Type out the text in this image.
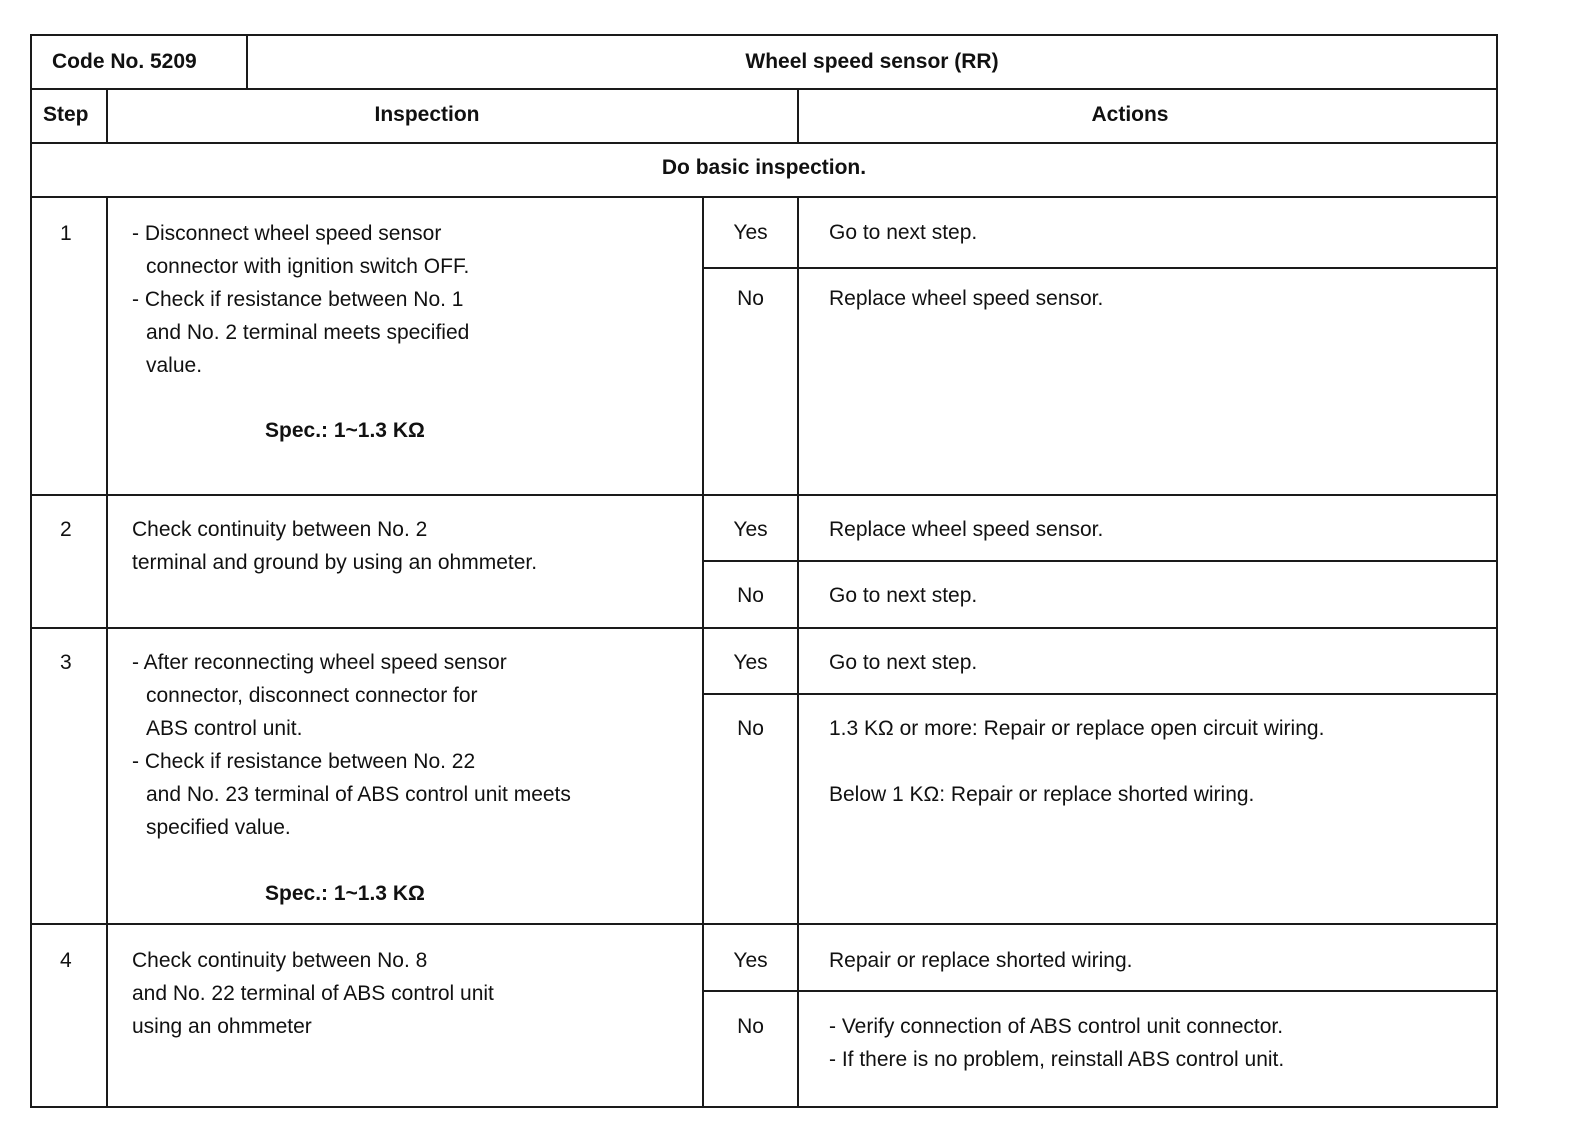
Code No. 5209	Wheel speed sensor (RR)
Step	Inspection	Actions
Do basic inspection.
1	- Disconnect wheel speed sensor
connector with ignition switch OFF.
- Check if resistance between No. 1
and No. 2 terminal meets specified
value.
Spec.: 1~1.3 KΩ
Yes	Go to next step.
No	Replace wheel speed sensor.
2	Check continuity between No. 2
terminal and ground by using an ohmmeter.
Yes	Replace wheel speed sensor.
No	Go to next step.
3	- After reconnecting wheel speed sensor
connector, disconnect connector for
ABS control unit.
- Check if resistance between No. 22
and No. 23 terminal of ABS control unit meets
specified value.
Spec.: 1~1.3 KΩ
Yes	Go to next step.
No	1.3 KΩ or more: Repair or replace open circuit wiring.
Below 1 KΩ: Repair or replace shorted wiring.
4	Check continuity between No. 8
and No. 22 terminal of ABS control unit
using an ohmmeter
Yes	Repair or replace shorted wiring.
No	- Verify connection of ABS control unit connector.
- If there is no problem, reinstall ABS control unit.
